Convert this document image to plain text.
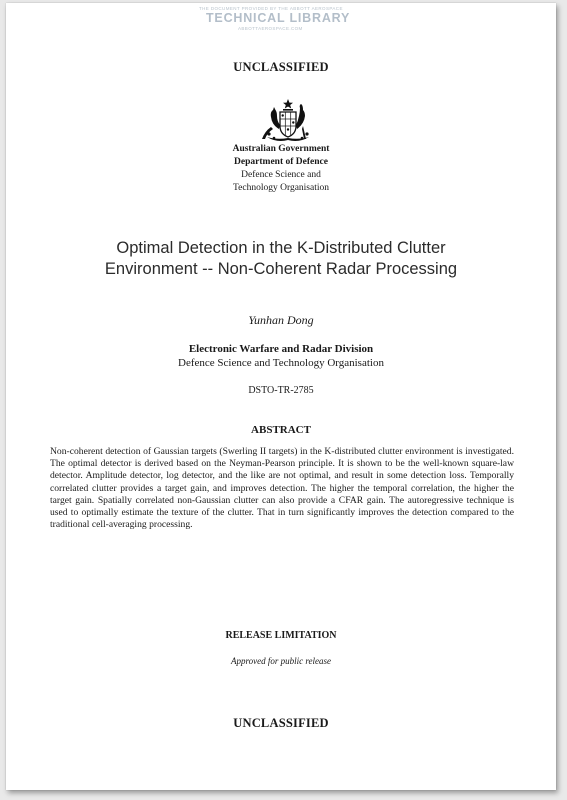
THE DOCUMENT PROVIDED BY THE ABBOTT AEROSPACE
TECHNICAL LIBRARY
ABBOTTAEROSPACE.COM
UNCLASSIFIED
Australian Government
Department of Defence
Defence Science and
Technology Organisation
Optimal Detection in the K-Distributed Clutter
Environment -- Non-Coherent Radar Processing
Yunhan Dong
Electronic Warfare and Radar Division
Defence Science and Technology Organisation
DSTO-TR-2785
ABSTRACT
Non-coherent detection of Gaussian targets (Swerling II targets) in the K-distributed clutter environment is investigated. The optimal detector is derived based on the Neyman-Pearson principle. It is shown to be the well-known square-law detector. Amplitude detector, log detector, and the like are not optimal, and result in some detection loss. Temporally correlated clutter provides a target gain, and improves detection. The higher the temporal correlation, the higher the target gain. Spatially correlated non-Gaussian clutter can also provide a CFAR gain. The autoregressive technique is used to optimally estimate the texture of the clutter. That in turn significantly improves the detection compared to the traditional cell-averaging processing.
RELEASE LIMITATION
Approved for public release
UNCLASSIFIED
